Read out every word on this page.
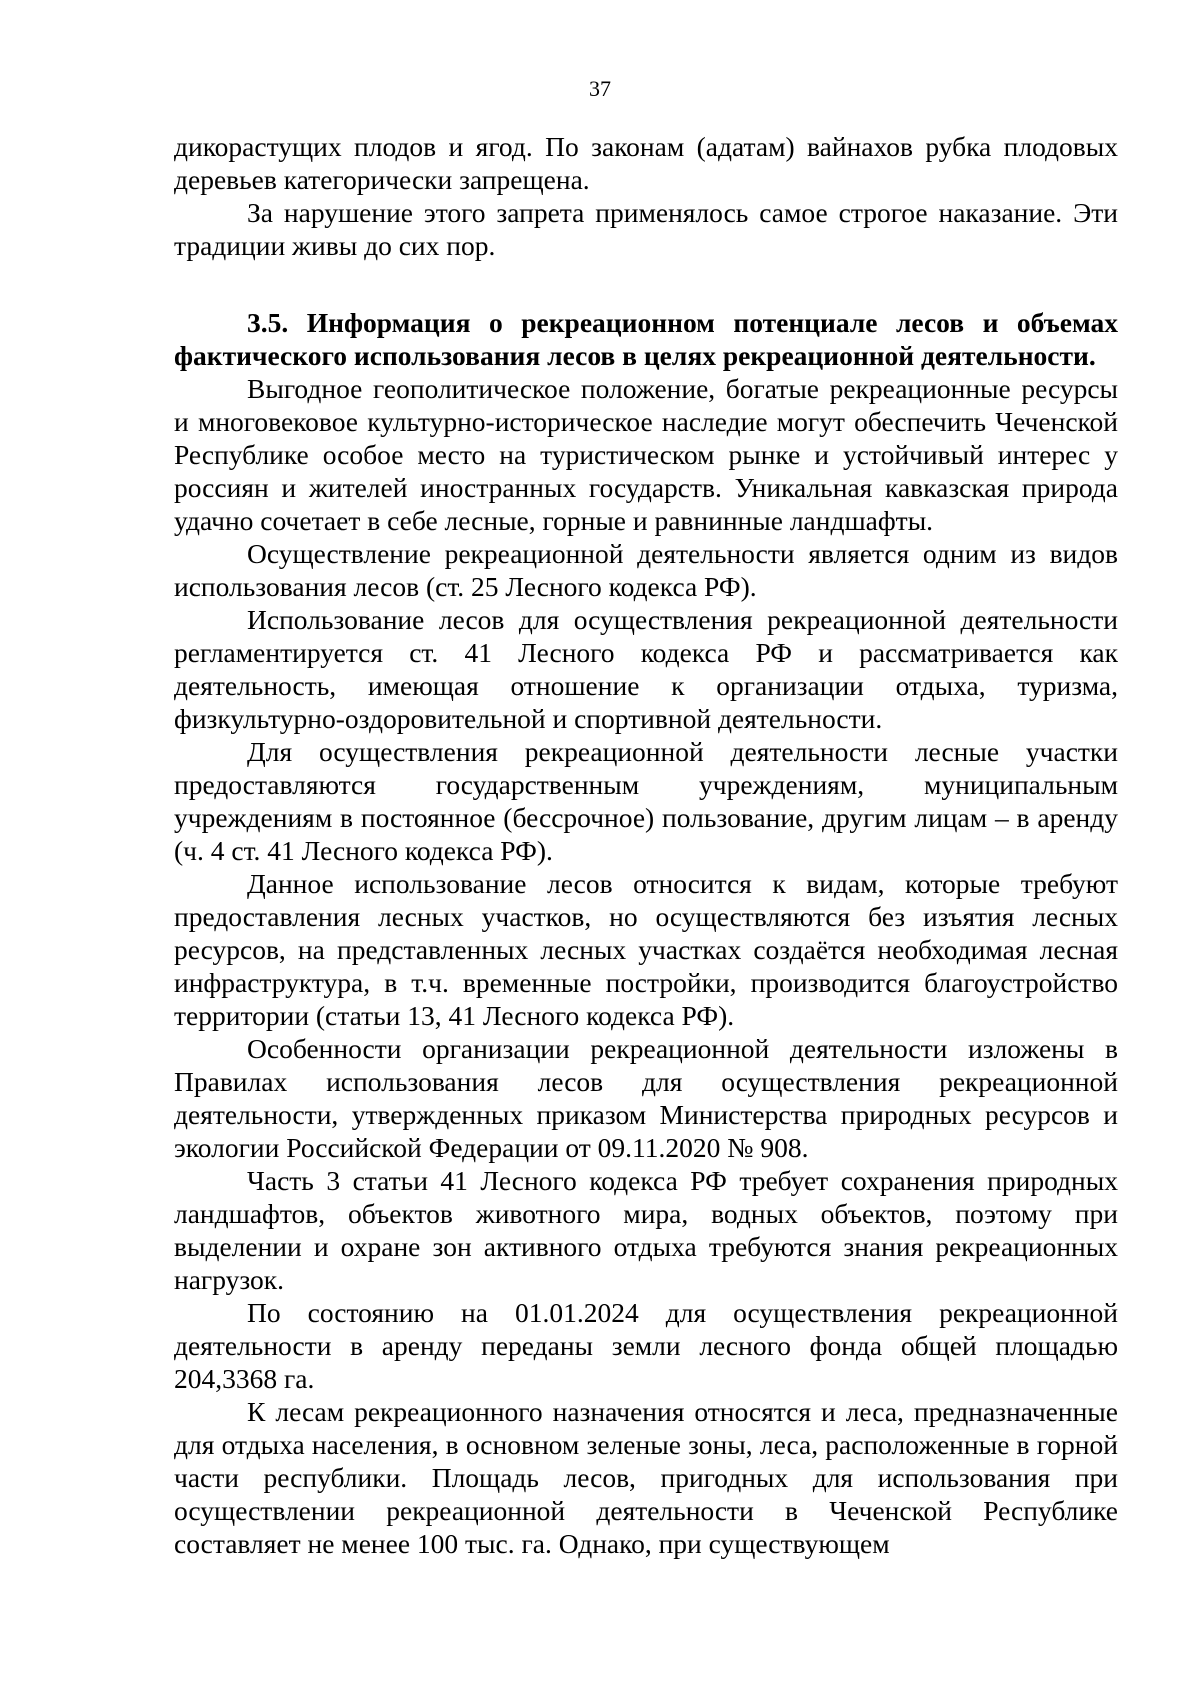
37

дикорастущих плодов и ягод. По законам (адатам) вайнахов рубка плодовых деревьев категорически запрещена.

За нарушение этого запрета применялось самое строгое наказание. Эти традиции живы до сих пор.

3.5. Информация о рекреационном потенциале лесов и объемах фактического использования лесов в целях рекреационной деятельности.

Выгодное геополитическое положение, богатые рекреационные ресурсы и многовековое культурно-историческое наследие могут обеспечить Чеченской Республике особое место на туристическом рынке и устойчивый интерес у россиян и жителей иностранных государств. Уникальная кавказская природа удачно сочетает в себе лесные, горные и равнинные ландшафты.

Осуществление рекреационной деятельности является одним из видов использования лесов (ст. 25 Лесного кодекса РФ).

Использование лесов для осуществления рекреационной деятельности регламентируется ст. 41 Лесного кодекса РФ и рассматривается как деятельность, имеющая отношение к организации отдыха, туризма, физкультурно-оздоровительной и спортивной деятельности.

Для осуществления рекреационной деятельности лесные участки предоставляются государственным учреждениям, муниципальным учреждениям в постоянное (бессрочное) пользование, другим лицам – в аренду (ч. 4 ст. 41 Лесного кодекса РФ).

Данное использование лесов относится к видам, которые требуют предоставления лесных участков, но осуществляются без изъятия лесных ресурсов, на представленных лесных участках создаётся необходимая лесная инфраструктура, в т.ч. временные постройки, производится благоустройство территории (статьи 13, 41 Лесного кодекса РФ).

Особенности организации рекреационной деятельности изложены в Правилах использования лесов для осуществления рекреационной деятельности, утвержденных приказом Министерства природных ресурсов и экологии Российской Федерации от 09.11.2020 № 908.

Часть 3 статьи 41 Лесного кодекса РФ требует сохранения природных ландшафтов, объектов животного мира, водных объектов, поэтому при выделении и охране зон активного отдыха требуются знания рекреационных нагрузок.

По состоянию на 01.01.2024 для осуществления рекреационной деятельности в аренду переданы земли лесного фонда общей площадью 204,3368 га.

К лесам рекреационного назначения относятся и леса, предназначенные для отдыха населения, в основном зеленые зоны, леса, расположенные в горной части республики. Площадь лесов, пригодных для использования при осуществлении рекреационной деятельности в Чеченской Республике составляет не менее 100 тыс. га. Однако, при существующем
